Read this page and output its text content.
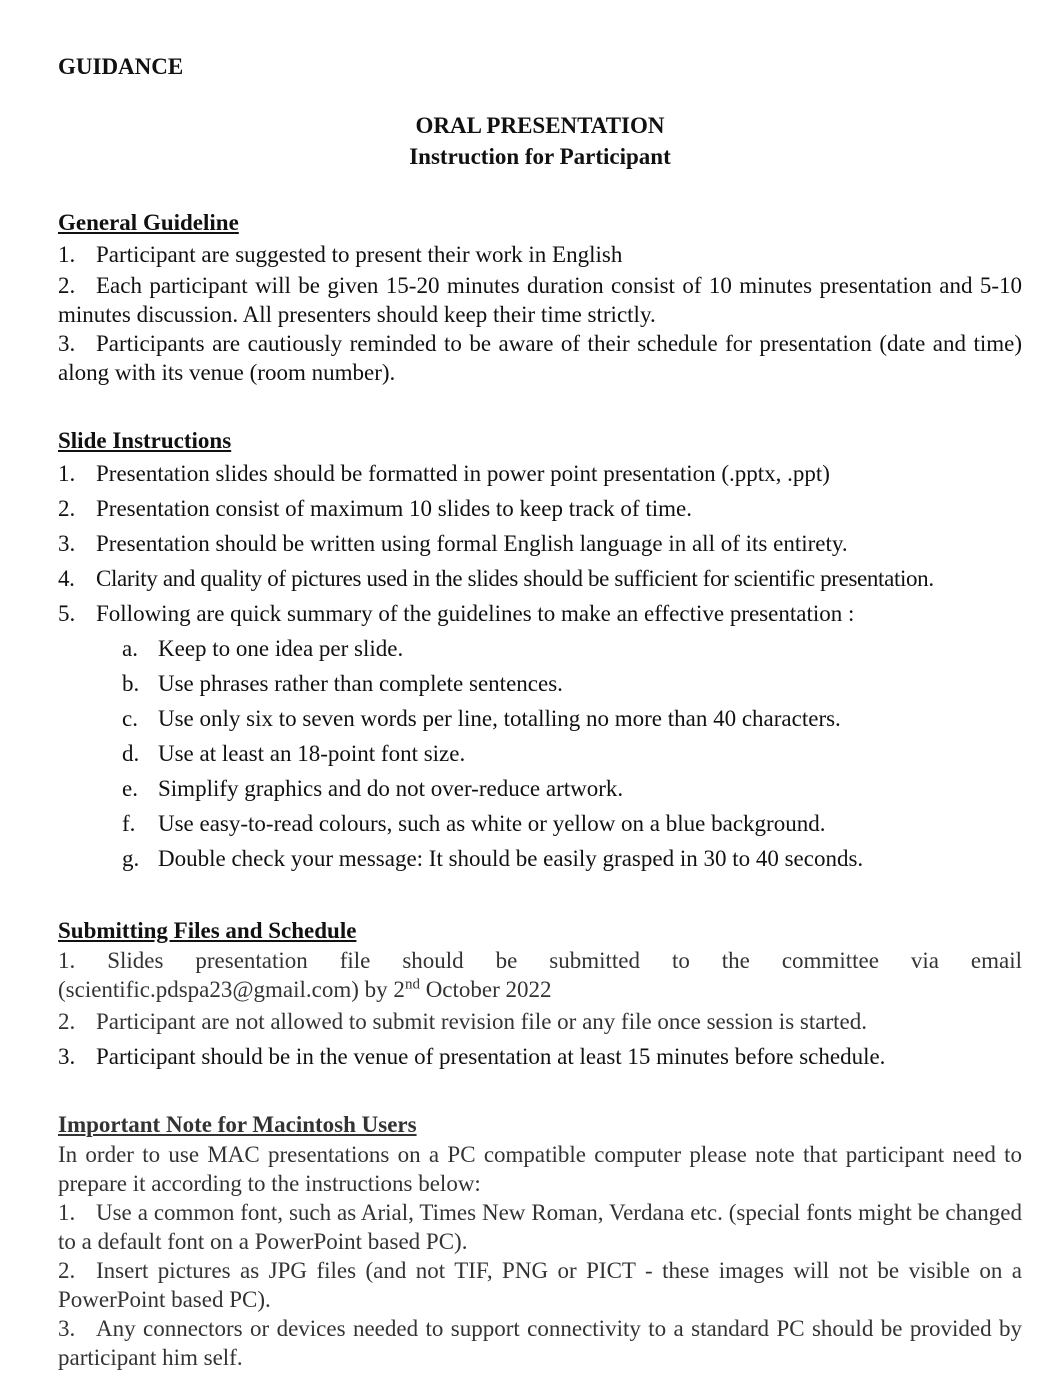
GUIDANCE
ORAL PRESENTATION
Instruction for Participant
General Guideline
1. Participant are suggested to present their work in English
2. Each participant will be given 15-20 minutes duration consist of 10 minutes presentation and 5-10 minutes discussion. All presenters should keep their time strictly.
3. Participants are cautiously reminded to be aware of their schedule for presentation (date and time) along with its venue (room number).
Slide Instructions
1. Presentation slides should be formatted in power point presentation (.pptx, .ppt)
2. Presentation consist of maximum 10 slides to keep track of time.
3. Presentation should be written using formal English language in all of its entirety.
4. Clarity and quality of pictures used in the slides should be sufficient for scientific presentation.
5. Following are quick summary of the guidelines to make an effective presentation :
a. Keep to one idea per slide.
b. Use phrases rather than complete sentences.
c. Use only six to seven words per line, totalling no more than 40 characters.
d. Use at least an 18-point font size.
e. Simplify graphics and do not over-reduce artwork.
f. Use easy-to-read colours, such as white or yellow on a blue background.
g. Double check your message: It should be easily grasped in 30 to 40 seconds.
Submitting Files and Schedule
1. Slides presentation file should be submitted to the committee via email
(scientific.pdspa23@gmail.com) by 2nd October 2022
2. Participant are not allowed to submit revision file or any file once session is started.
3. Participant should be in the venue of presentation at least 15 minutes before schedule.
Important Note for Macintosh Users
In order to use MAC presentations on a PC compatible computer please note that participant need to prepare it according to the instructions below:
1. Use a common font, such as Arial, Times New Roman, Verdana etc. (special fonts might be changed to a default font on a PowerPoint based PC).
2. Insert pictures as JPG files (and not TIF, PNG or PICT - these images will not be visible on a PowerPoint based PC).
3. Any connectors or devices needed to support connectivity to a standard PC should be provided by participant him self.
